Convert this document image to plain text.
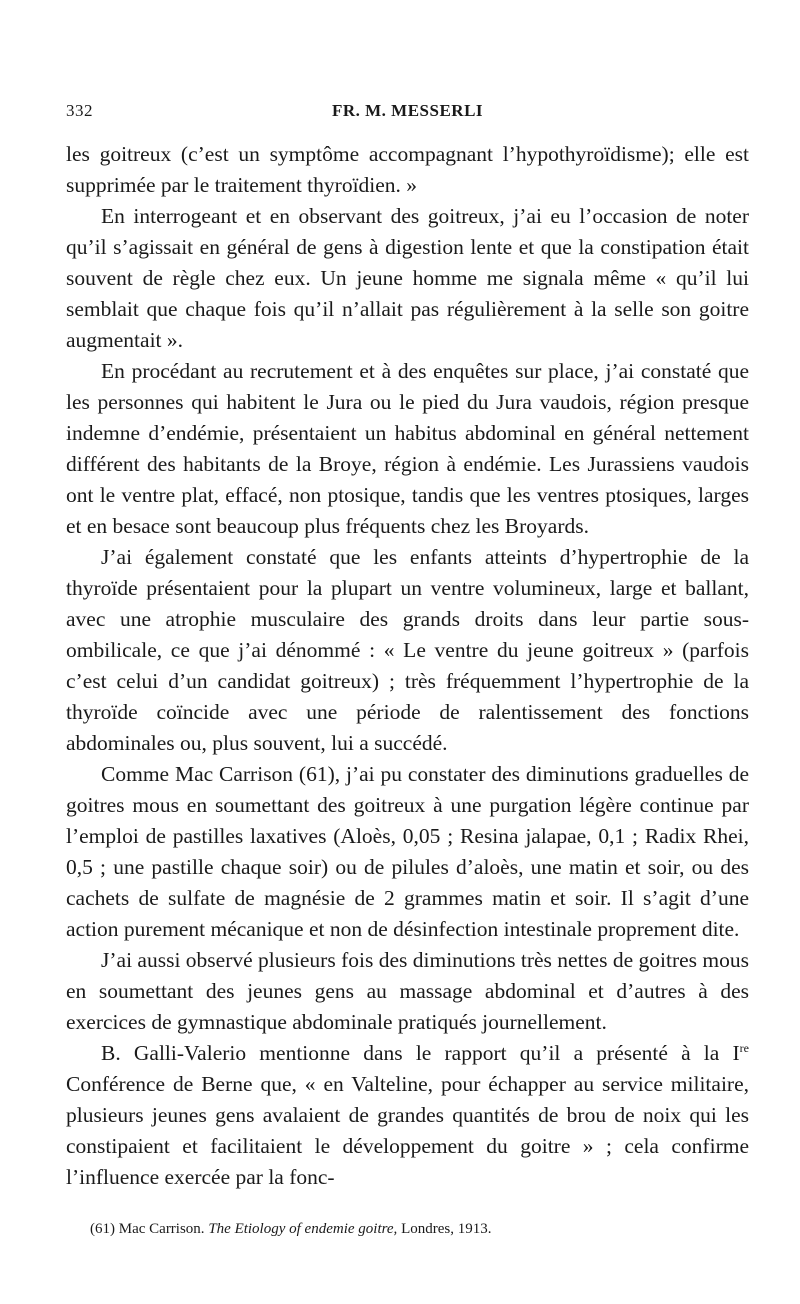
332	FR. M. MESSERLI

les goitreux (c’est un symptôme accompagnant l’hypothyroïdisme); elle est supprimée par le traitement thyroïdien. »

En interrogeant et en observant des goitreux, j’ai eu l’occasion de noter qu’il s’agissait en général de gens à digestion lente et que la constipation était souvent de règle chez eux. Un jeune homme me signala même « qu’il lui semblait que chaque fois qu’il n’allait pas régulièrement à la selle son goitre augmentait ».

En procédant au recrutement et à des enquêtes sur place, j’ai constaté que les personnes qui habitent le Jura ou le pied du Jura vaudois, région presque indemne d’endémie, présentaient un habitus abdominal en général nettement différent des habitants de la Broye, région à endémie. Les Jurassiens vaudois ont le ventre plat, effacé, non ptosique, tandis que les ventres ptosiques, larges et en besace sont beaucoup plus fréquents chez les Broyards.

J’ai également constaté que les enfants atteints d’hypertrophie de la thyroïde présentaient pour la plupart un ventre volumineux, large et ballant, avec une atrophie musculaire des grands droits dans leur partie sous-ombilicale, ce que j’ai dénommé : « Le ventre du jeune goitreux » (parfois c’est celui d’un candidat goitreux) ; très fréquemment l’hypertrophie de la thyroïde coïncide avec une période de ralentissement des fonctions abdominales ou, plus souvent, lui a succédé.

Comme Mac Carrison (61), j’ai pu constater des diminutions graduelles de goitres mous en soumettant des goitreux à une purgation légère continue par l’emploi de pastilles laxatives (Aloès, 0,05 ; Resina jalapae, 0,1 ; Radix Rhei, 0,5 ; une pastille chaque soir) ou de pilules d’aloès, une matin et soir, ou des cachets de sulfate de magnésie de 2 grammes matin et soir. Il s’agit d’une action purement mécanique et non de désinfection intestinale proprement dite.

J’ai aussi observé plusieurs fois des diminutions très nettes de goitres mous en soumettant des jeunes gens au massage abdominal et d’autres à des exercices de gymnastique abdominale pratiqués journellement.

B. Galli-Valerio mentionne dans le rapport qu’il a présenté à la Ire Conférence de Berne que, « en Valteline, pour échapper au service militaire, plusieurs jeunes gens avalaient de grandes quantités de brou de noix qui les constipaient et facilitaient le développement du goitre » ; cela confirme l’influence exercée par la fonc-

(61) Mac Carrison. The Etiology of endemie goitre, Londres, 1913.
